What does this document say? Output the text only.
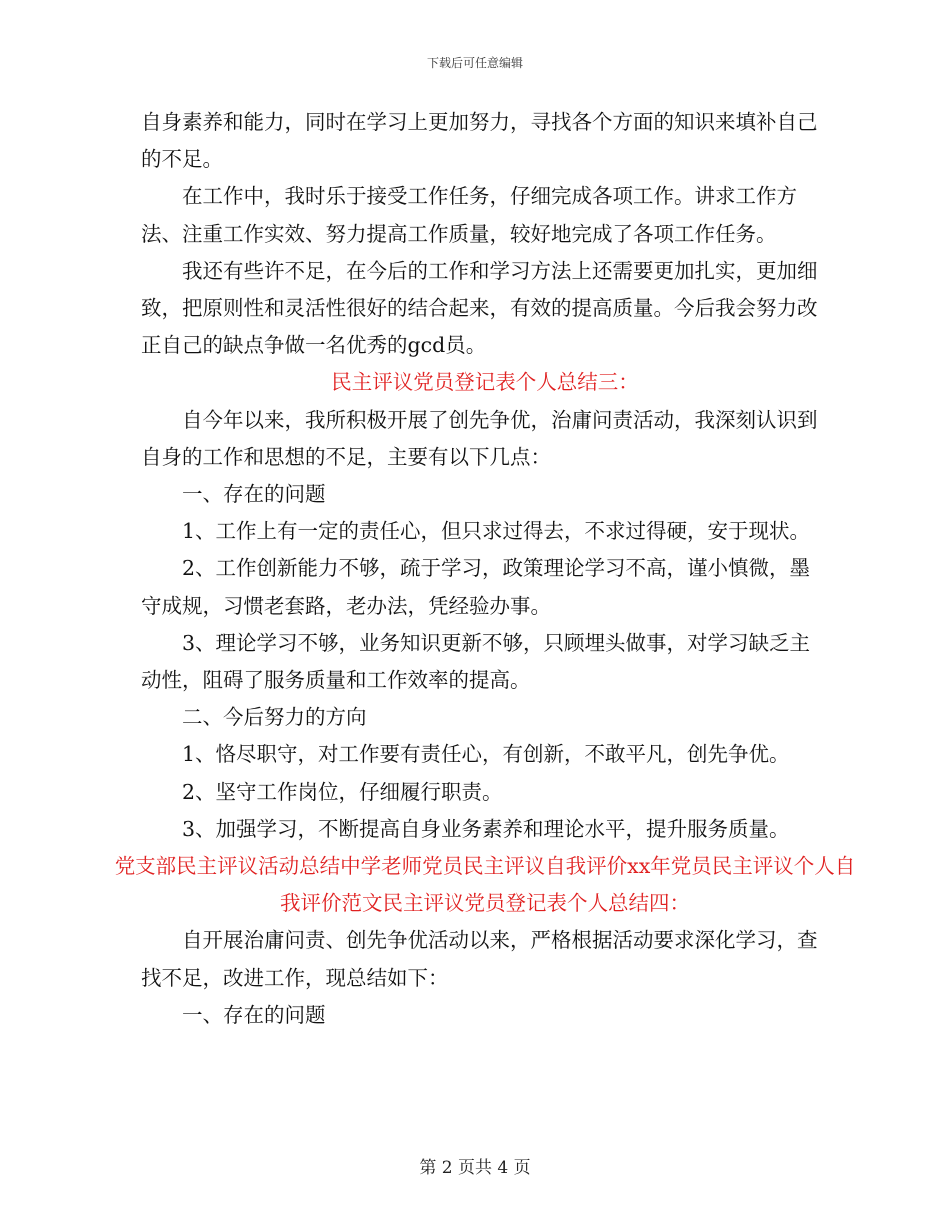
下载后可任意编辑

自身素养和能力，同时在学习上更加努力，寻找各个方面的知识来填补自己的不足。

在工作中，我时乐于接受工作任务，仔细完成各项工作。讲求工作方法、注重工作实效、努力提高工作质量，较好地完成了各项工作任务。

我还有些许不足，在今后的工作和学习方法上还需要更加扎实，更加细致，把原则性和灵活性很好的结合起来，有效的提高质量。今后我会努力改正自己的缺点争做一名优秀的gcd员。

民主评议党员登记表个人总结三：

自今年以来，我所积极开展了创先争优，治庸问责活动，我深刻认识到自身的工作和思想的不足，主要有以下几点：

一、存在的问题

1、工作上有一定的责任心，但只求过得去，不求过得硬，安于现状。

2、工作创新能力不够，疏于学习，政策理论学习不高，谨小慎微，墨守成规，习惯老套路，老办法，凭经验办事。

3、理论学习不够，业务知识更新不够，只顾埋头做事，对学习缺乏主动性，阻碍了服务质量和工作效率的提高。

二、今后努力的方向

1、恪尽职守，对工作要有责任心，有创新，不敢平凡，创先争优。

2、坚守工作岗位，仔细履行职责。

3、加强学习，不断提高自身业务素养和理论水平，提升服务质量。

党支部民主评议活动总结中学老师党员民主评议自我评价xx年党员民主评议个人自我评价范文民主评议党员登记表个人总结四：

自开展治庸问责、创先争优活动以来，严格根据活动要求深化学习，查找不足，改进工作，现总结如下：

一、存在的问题

第 2 页共 4 页
